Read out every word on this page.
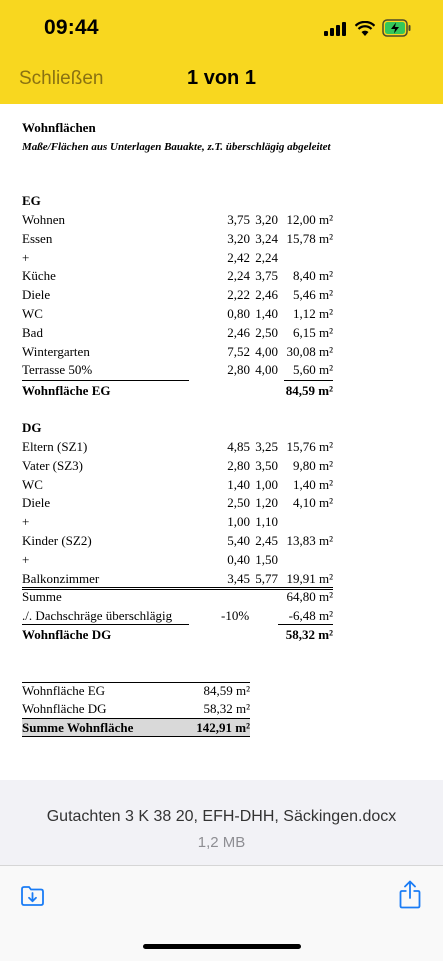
09:44
Schließen	1 von 1
Wohnflächen
Maße/Flächen aus Unterlagen Bauakte, z.T. überschlägig abgeleitet
EG
Wohnen	3,75 3,20 12,00 m²
Essen	3,20 3,24 15,78 m²
+	2,42 2,24
Küche	2,24 3,75	8,40 m²
Diele	2,22 2,46	5,46 m²
WC	0,80 1,40	1,12 m²
Bad	2,46 2,50	6,15 m²
Wintergarten	7,52 4,00 30,08 m²
Terrasse 50%	2,80 4,00	5,60 m²
Wohnfläche EG	84,59 m²
DG
Eltern (SZ1)	4,85 3,25 15,76 m²
Vater (SZ3)	2,80 3,50	9,80 m²
WC	1,40 1,00	1,40 m²
Diele	2,50 1,20	4,10 m²
+	1,00 1,10
Kinder (SZ2)	5,40 2,45 13,83 m²
+	0,40 1,50
Balkonzimmer	3,45 5,77 19,91 m²
Summe	64,80 m²
./. Dachschräge überschlägig	-10%	-6,48 m²
Wohnfläche DG	58,32 m²
Wohnfläche EG	84,59 m²
Wohnfläche DG	58,32 m²
Summe Wohnfläche	142,91 m²
Gutachten 3 K 38 20, EFH-DHH, Säckingen.docx
1,2 MB
